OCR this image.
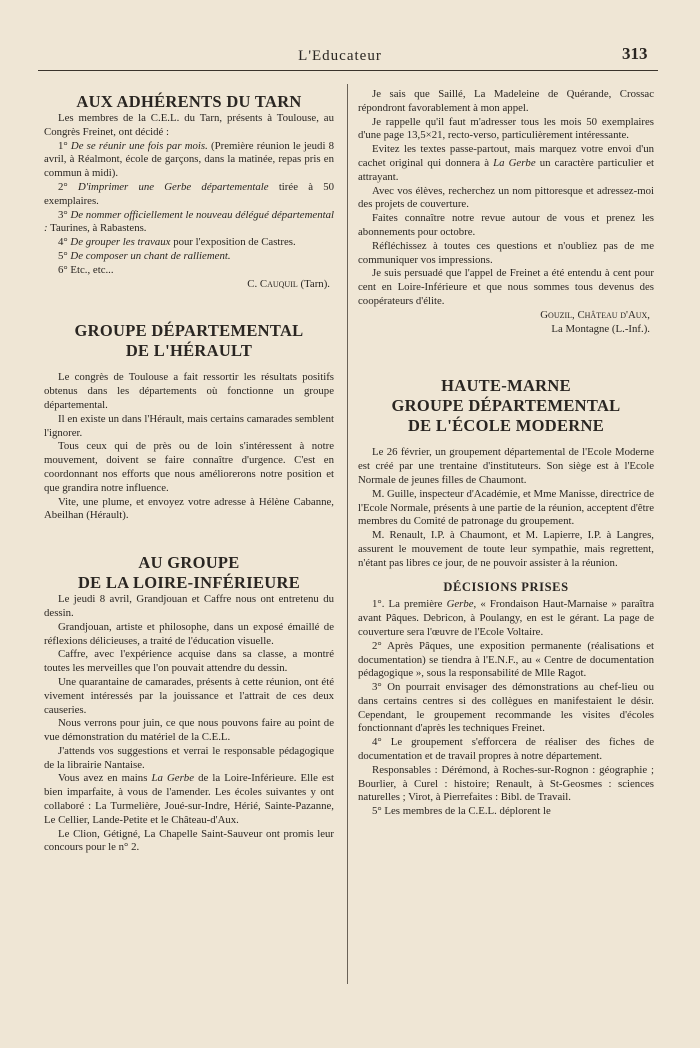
L'Educateur	313
AUX ADHÉRENTS DU TARN

Les membres de la C.E.L. du Tarn, présents à Toulouse, au Congrès Freinet, ont décidé :

1° De se réunir une fois par mois. (Première réunion le jeudi 8 avril, à Réalmont, école de garçons, dans la matinée, repas pris en commun à midi).

2° D'imprimer une Gerbe départementale tirée à 50 exemplaires.

3° De nommer officiellement le nouveau délégué départemental : Taurines, à Rabastens.

4° De grouper les travaux pour l'exposition de Castres.

5° De composer un chant de ralliement.

6° Etc., etc...

C. Cauquil (Tarn).

GROUPE DÉPARTEMENTAL
DE L'HÉRAULT

Le congrès de Toulouse a fait ressortir les résultats positifs obtenus dans les départements où fonctionne un groupe départemental.

Il en existe un dans l'Hérault, mais certains camarades semblent l'ignorer.

Tous ceux qui de près ou de loin s'intéressent à notre mouvement, doivent se faire connaître d'urgence. C'est en coordonnant nos efforts que nous améliorerons notre position et que grandira notre influence.

Vite, une plume, et envoyez votre adresse à Hélène Cabanne, Abeilhan (Hérault).

AU GROUPE
DE LA LOIRE-INFÉRIEURE

Le jeudi 8 avril, Grandjouan et Caffre nous ont entretenu du dessin.

Grandjouan, artiste et philosophe, dans un exposé émaillé de réflexions délicieuses, a traité de l'éducation visuelle.

Caffre, avec l'expérience acquise dans sa classe, a montré toutes les merveilles que l'on pouvait attendre du dessin.

Une quarantaine de camarades, présents à cette réunion, ont été vivement intéressés par la jouissance et l'attrait de ces deux causeries.

Nous verrons pour juin, ce que nous pouvons faire au point de vue démonstration du matériel de la C.E.L.

J'attends vos suggestions et verrai le responsable pédagogique de la librairie Nantaise.

Vous avez en mains La Gerbe de la Loire-Inférieure. Elle est bien imparfaite, à vous de l'amender. Les écoles suivantes y ont collaboré : La Turmelière, Joué-sur-Indre, Hérié, Sainte-Pazanne, Le Cellier, Lande-Petite et le Château-d'Aux.

Le Clion, Gétigné, La Chapelle Saint-Sauveur ont promis leur concours pour le n° 2.

Je sais que Saillé, La Madeleine de Quérande, Crossac répondront favorablement à mon appel.

Je rappelle qu'il faut m'adresser tous les mois 50 exemplaires d'une page 13,5×21, recto-verso, particulièrement intéressante.

Evitez les textes passe-partout, mais marquez votre envoi d'un cachet original qui donnera à La Gerbe un caractère particulier et attrayant.

Avec vos élèves, recherchez un nom pittoresque et adressez-moi des projets de couverture.

Faites connaître notre revue autour de vous et prenez les abonnements pour octobre.

Réfléchissez à toutes ces questions et n'oubliez pas de me communiquer vos impressions.

Je suis persuadé que l'appel de Freinet a été entendu à cent pour cent en Loire-Inférieure et que nous sommes tous devenus des coopérateurs d'élite.

Gouzil, Château d'Aux,

La Montagne (L.-Inf.).

HAUTE-MARNE
GROUPE DÉPARTEMENTAL
DE L'ÉCOLE MODERNE

Le 26 février, un groupement départemental de l'Ecole Moderne est créé par une trentaine d'instituteurs. Son siège est à l'Ecole Normale de jeunes filles de Chaumont.

M. Guille, inspecteur d'Académie, et Mme Manisse, directrice de l'Ecole Normale, présents à une partie de la réunion, acceptent d'être membres du Comité de patronage du groupement.

M. Renault, I.P. à Chaumont, et M. Lapierre, I.P. à Langres, assurent le mouvement de toute leur sympathie, mais regrettent, n'étant pas libres ce jour, de ne pouvoir assister à la réunion.

DÉCISIONS PRISES

1°. La première Gerbe, « Frondaison Haut-Marnaise » paraîtra avant Pâques. Debricon, à Poulangy, en est le gérant. La page de couverture sera l'œuvre de l'Ecole Voltaire.

2° Après Pâques, une exposition permanente (réalisations et documentation) se tiendra à l'E.N.F., au « Centre de documentation pédagogique », sous la responsabilité de Mlle Ragot.

3° On pourrait envisager des démonstrations au chef-lieu ou dans certains centres si des collègues en manifestaient le désir. Cependant, le groupement recommande les visites d'écoles fonctionnant d'après les techniques Freinet.

4° Le groupement s'efforcera de réaliser des fiches de documentation et de travail propres à notre département.

Responsables : Dérémond, à Roches-sur-Rognon : géographie ; Bourlier, à Curel : histoire; Renault, à St-Geosmes : sciences naturelles ; Virot, à Pierrefaites : Bibl. de Travail.

5° Les membres de la C.E.L. déplorent le
